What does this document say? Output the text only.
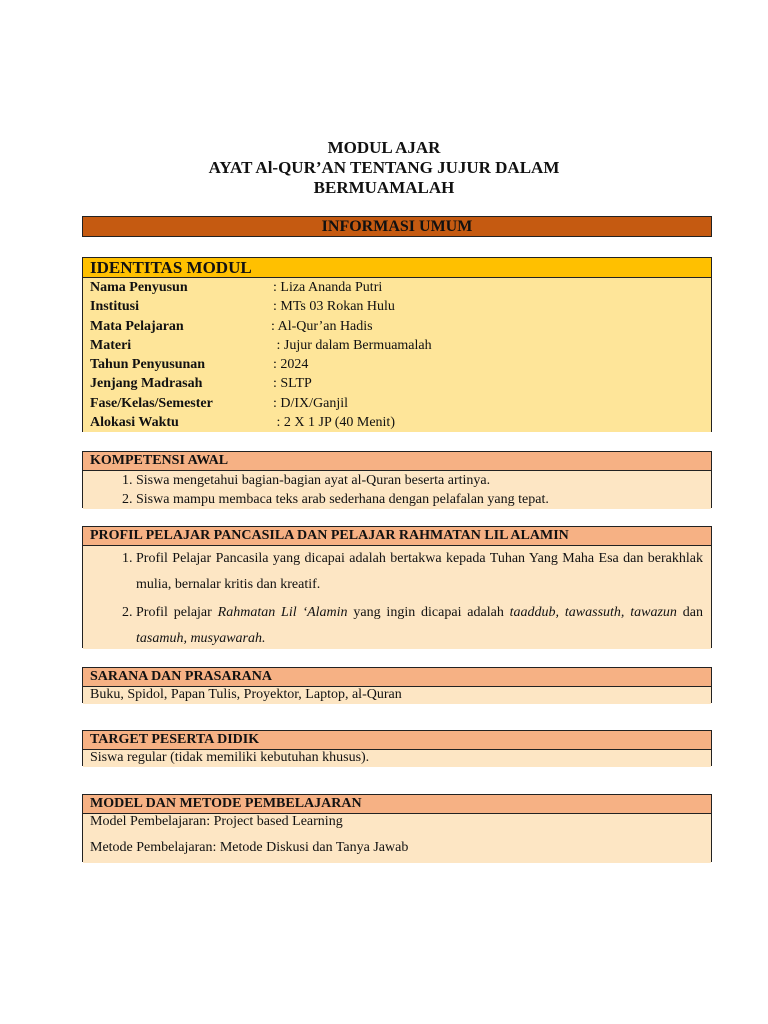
MODUL AJAR
AYAT Al-QUR’AN TENTANG JUJUR DALAM
BERMUAMALAH
INFORMASI UMUM
IDENTITAS MODUL
Nama Penyusun	: Liza Ananda Putri
Institusi	: MTs 03 Rokan Hulu
Mata Pelajaran	: Al-Qur’an Hadis
Materi	: Jujur dalam Bermuamalah
Tahun Penyusunan	: 2024
Jenjang Madrasah	: SLTP
Fase/Kelas/Semester	: D/IX/Ganjil
Alokasi Waktu	: 2 X 1 JP (40 Menit)
KOMPETENSI AWAL
1. Siswa mengetahui bagian-bagian ayat al-Quran beserta artinya.
2. Siswa mampu membaca teks arab sederhana dengan pelafalan yang tepat.
PROFIL PELAJAR PANCASILA DAN PELAJAR RAHMATAN LIL ALAMIN
1. Profil Pelajar Pancasila yang dicapai adalah bertakwa kepada Tuhan Yang Maha Esa dan berakhlak mulia, bernalar kritis dan kreatif.
2. Profil pelajar Rahmatan Lil ‘Alamin yang ingin dicapai adalah taaddub, tawassuth, tawazun dan tasamuh, musyawarah.
SARANA DAN PRASARANA
Buku, Spidol, Papan Tulis, Proyektor, Laptop, al-Quran
TARGET PESERTA DIDIK
Siswa regular (tidak memiliki kebutuhan khusus).
MODEL DAN METODE PEMBELAJARAN
Model Pembelajaran: Project based Learning
Metode Pembelajaran: Metode Diskusi dan Tanya Jawab
